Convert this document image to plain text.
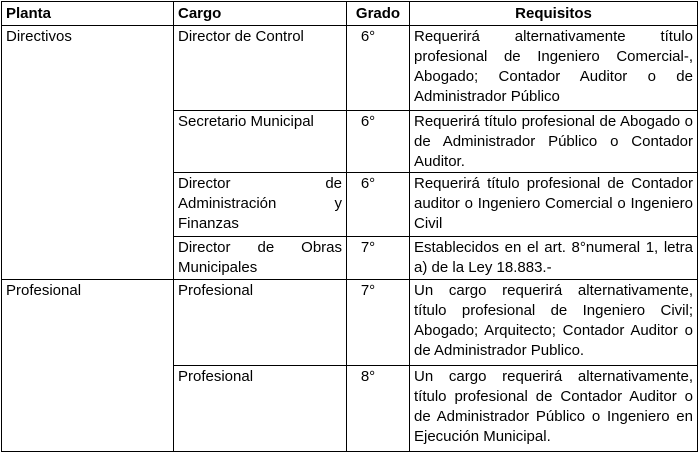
Planta	Cargo	Grado	Requisitos
Directivos	Director de Control	6°	Requerirá alternativamente título profesional de Ingeniero Comercial-, Abogado; Contador Auditor o de Administrador Público
	Secretario Municipal	6°	Requerirá título profesional de Abogado o de Administrador Público o Contador Auditor.
	Director de Administración y Finanzas	6°	Requerirá título profesional de Contador auditor o Ingeniero Comercial o Ingeniero Civil
	Director de Obras Municipales	7°	Establecidos en el art. 8°numeral 1, letra a) de la Ley 18.883.-
Profesional	Profesional	7°	Un cargo requerirá alternativamente, título profesional de Ingeniero Civil; Abogado; Arquitecto; Contador Auditor o de Administrador Publico.
	Profesional	8°	Un cargo requerirá alternativamente, título profesional de Contador Auditor o de Administrador Público o Ingeniero en Ejecución Municipal.
